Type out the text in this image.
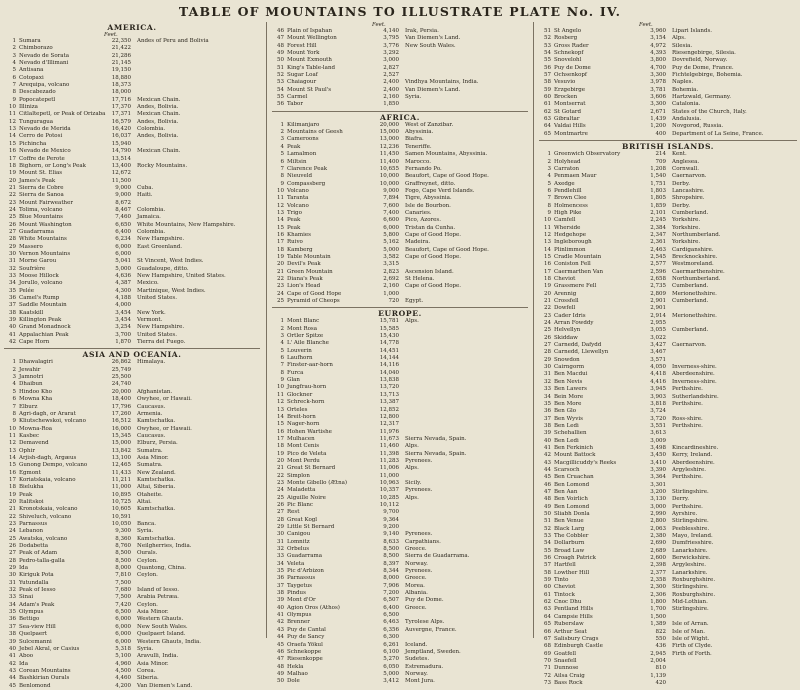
TABLE OF MOUNTAINS TO ILLUSTRATE PLATE No. IV.
AMERICA.
Feet.
1 Sumara	22,350	Andes of Peru and Bolivia
2 Chimborazo	21,422
3 Nevado de Sorata	21,286
4 Nevado d'Illimani	21,145
5 Antisana	19,150
6 Cotopaxi	18,880
7 Arequipa, volcano	18,373
8 Descabezado	18,000
9 Popocatepetl	17,716	Mexican Chain.
10 Illiniza	17,370	Andes, Bolivia.
11 Citlaltepetl, or Peak of Orizaba	17,371	Mexican Chain.
12 Tunguragua	16,579	Andes, Bolivia.
13 Nevado de Merida	16,420	Colombia.
14 Cerro de Potosi	16,037	Andes, Bolivia.
15 Pichincha	15,940
16 Nevado de Mexico	14,790	Mexican Chain.
17 Coffre de Perote	13,514
18 Bighorn, or Long's Peak	13,400	Rocky Mountains.
19 Mount St. Elias	12,672
20 James's Peak	11,500
21 Sierra de Cobre	9,000	Cuba.
22 Sierra de Sanoa	9,000	Haiti.
23 Mount Fairweather	8,672
24 Tolima, volcano	8,467	Colombia.
25 Blue Mountains	7,460	Jamaica.
26 Mount Washington	6,650	White Mountains, New Hampshire.
27 Guadarrama	6,400	Colombia.
28 White Mountains	6,234	New Hampshire.
29 Massero	6,000	East Greenland.
30 Vernon Mountains	6,000
31 Morne Garou	5,041	St Vincent, West Indies.
32 Soufrière	5,000	Guadaloupe, ditto.
33 Moose Hillock	4,636	New Hampshire, United States.
34 Jorullo, volcano	4,387	Mexico.
35 Pelée	4,300	Martinique, West Indies.
36 Camel's Rump	4,188	United States.
37 Saddle Mountain	4,000
38 Kaatskill	3,454	New York.
39 Killington Peak	3,454	Vermont.
40 Grand Monadnock	3,254	New Hampshire.
41 Appalachian Peak	3,700	United States.
42 Cape Horn	1,870	Tierra del Fuego.
ASIA AND OCEANIA.
1 Dhawalagiri	26,862	Himalaya.
2 Jewahir	25,749
3 Jamnotri	25,500
4 Dhaibun	24,740
5 Hindoo Kho	20,000	Afghanistan.
6 Mowna Kha	18,400	Owyhee, or Hawaii.
7 Elburz	17,796	Caucasus.
8 Agri-dagh, or Ararat	17,260	Armenia.
9 Kliutschewskoi, volcano	16,512	Kamtschatka.
10 Mowna-Roa	16,000	Owyhee, or Hawaii.
11 Kasbec	15,345	Caucasus.
12 Demavend	15,000	Elburz, Persia.
13 Ophir	13,842	Sumatra.
14 Arjish-dagh, Argæus	13,100	Asia Minor.
15 Gunong Dempo, volcano	12,465	Sumatra.
16 Egmont	11,433	New Zealand.
17 Koriatskaia, volcano	11,211	Kamtschatka.
18 Bielukha	11,000	Altai, Siberia.
19 Peak	10,895	Otaheite.
20 Italitskoi	10,725	Altai.
21 Kronotskaia, volcano	10,605	Kamtschatka.
22 Shiveluch, volcano	10,591
23 Parnassus	10,050	Banca.
24 Lebanon	9,300	Syria.
25 Awatska, volcano	8,360	Kamtschatka.
26 Dodabetta	8,760	Neilgherries, India.
27 Peak of Adam	8,500	Ourals.
28 Pedro-talla-galla	8,500	Ceylon.
29 Ida	8,000	Quantong, China.
30 Kiriguk Pota	7,810	Ceylon.
31 Yutundalla	7,500
32 Peak of Iesso	7,680	Island of Iesso.
33 Sinai	7,500	Arabia Petræa.
34 Adam's Peak	7,420	Ceylon.
35 Olympus	6,500	Asia Minor.
36 Bettigo	6,000	Western Ghauts.
37 Sea-view Hill	6,000	New South Wales.
38 Quelpaert	6,000	Quelpaert Island.
39 Sulcemanni	6,000	Western Ghauts, India.
40 Jebel Akral, or Casius	5,318	Syria.
41 Aboo	5,100	Aravulli, India.
42 Ida	4,960	Asia Minor.
43 Corean Mountains	4,500	Corea.
44 Bashkirian Ourals	4,460	Siberia.
45 Benlomond	4,200	Van Diemen's Land.
Feet.
46 Plain of Ispahan	4,140	Irak, Persia.
47 Mount Wellington	3,795	Van Diemen's Land.
48 Forest Hill	3,776	New South Wales.
49 Mount York	3,292
50 Mount Exmouth	3,000
51 King's Table-land	2,827
52 Sugar Loaf	2,527
53 Chaiagour	2,400	Vindhya Mountains, India.
54 Mount St Paul's	2,400	Van Diemen's Land.
55 Carmel	2,160	Syria.
56 Tabor	1,850
AFRICA.
1 Kilimanjaro	20,000	West of Zanzibar.
2 Mountains of Geesh	15,000	Abyssinia.
3 Cameroons	13,000	Biafra.
4 Peak	12,236	Teneriffe.
5 Lamalmon	11,450	Samen Mountains, Abyssinia.
6 Miltsin	11,400	Marocco.
7 Clarence Peak	10,655	Fernando Po.
8 Nieuveld	10,000	Beaufort, Cape of Good Hope.
9 Compassberg	10,000	Graffreynet, ditto.
10 Volcano	9,000	Fogo, Cape Verd Islands.
11 Taranta	7,894	Tigre, Abyssinia.
12 Volcano	7,600	Isle de Bourbon.
13 Trigo	7,400	Canaries.
14 Peak	6,600	Pico, Azores.
15 Peak	6,000	Tristan da Cunha.
16 Khamies	5,800	Cape of Good Hope.
17 Ruivo	5,162	Madeira.
18 Kamberg	5,000	Beaufort, Cape of Good Hope.
19 Table Mountain	3,582	Cape of Good Hope.
20 Devil's Peak	3,315
21 Green Mountain	2,823	Ascension Island.
22 Diana's Peak	2,692	St Helena.
23 Lion's Head	2,160	Cape of Good Hope.
24 Cape of Good Hope	1,000
25 Pyramid of Cheops	720	Egypt.
EUROPE.
1 Mont Blanc	15,781	Alps.
2 Mont Rosa	15,585
3 Ortler Spitze	15,430
4 L' Aile Blanche	14,778
5 Louverin	14,451
6 Laufhorn	14,144
7 Finster-aar-horn	14,116
8 Furca	14,040
9 Glan	13,838
10 Jungfrau-horn	13,720
11 Glockner	13,713
12 Schreck-horn	13,387
13 Orteles	12,852
14 Breit-horn	12,800
15 Nager-horn	12,317
16 Hohen Wartishe	11,976
17 Mulhacen	11,673	Sierra Nevada, Spain.
18 Mont Cenis	11,460	Alps.
19 Pico de Veleta	11,398	Sierra Nevada, Spain.
20 Mont Perdu	11,283	Pyrenees.
21 Great St Bernard	11,006	Alps.
22 Simplon	11,000
23 Monte Gibello (Ætna)	10,963	Sicily.
24 Maladetta	10,357	Pyrenees.
25 Aiguille Noire	10,285	Alps.
26 Pic Blanc	10,112
27 Rest	9,700
28 Great Kogl	9,364
29 Little St Bernard	9,200
30 Canigou	9,140	Pyrenees.
31 Lomnitz	8,633	Carpathians.
32 Orbelus	8,500	Greece.
33 Guadarrama	8,500	Sierra de Guadarrama.
34 Veleta	8,397	Norway.
35 Pic d'Arbizon	8,344	Pyrenees.
36 Parnassus	8,000	Greece.
37 Taygetus	7,906	Morea.
38 Pindus	7,200	Albania.
39 Mont d'Or	6,507	Puy de Dome.
40 Agion Oros (Athos)	6,400	Greece.
41 Olympus	6,500
42 Brenner	6,463	Tyrolese Alps.
43 Puy de Cantal	6,356	Auvergne, France.
44 Puy de Sancy	6,300
45 Oraefa Yökul	6,261	Iceland.
46 Schnekoppe	6,100	Jemptland, Sweden.
47 Riesenkoppe	5,270	Sudetes.
48 Hekla	6,050	Estremadura.
49 Malhao	5,000	Norway.
50 Dole	3,412	Mont Jura.
Feet.
51 St Angelo	3,960	Lipari Islands.
52 Rosberg	3,154	Alps.
53 Gross Rader	4,972	Silesia.
54 Schnekopf	4,393	Riesengebirge, Silesia.
55 Snovelohl	3,800	Dovrefield, Norway.
56 Puy de Dome	4,700	Puy de Dome, France.
57 Ochsenkopf	3,300	Fichtelgebirge, Bohemia.
58 Vesuvio	3,978	Naples.
59 Erzgebirge	3,781	Bohemia.
60 Brocken	3,606	Hartzwald, Germany.
61 Montserrat	3,300	Catalonia.
62 St Gotard	2,671	States of the Church, Italy.
63 Gibraltar	1,439	Andalusia.
64 Valdai Hills	1,200	Novgorod, Russia.
65 Montmartre	400	Department of La Seine, France.
BRITISH ISLANDS.
1 Greenwich Observatory	214	Kent.
2 Holyhead	709	Anglesea.
3 Carraton	1,208	Cornwall.
4 Penmaen Maur	1,540	Caernarvon.
5 Axedge	1,751	Derby.
6 Pendlehill	1,803	Lancashire.
7 Brown Clee	1,805	Shropshire.
8 Holmencess	1,859	Derby.
9 High Pike	2,101	Cumberland.
10 Camfell	2,245	Yorkshire.
11 Wherside	2,384	Yorkshire.
12 Hedgehope	2,347	Northumberland.
13 Ingleborough	2,361	Yorkshire.
14 Plinlimmon	2,463	Cardiganshire.
15 Cradle Mountain	2,545	Brecknockshire.
16 Coniston Fell	2,577	Westmoreland.
17 Caermarthen Van	2,596	Caermarthenshire.
18 Cheviot	2,658	Northumberland.
19 Grassmere Fell	2,735	Cumberland.
20 Arennig	2,809	Merionethshire.
21 Crossfell	2,901	Cumberland.
22 Dowfell	2,901
23 Cader Idris	2,914	Merionethshire.
24 Arran Fowddy	2,955
25 Helvellyn	3,055	Cumberland.
26 Skiddaw	3,022
27 Carnedd, Dafydd	3,427	Caernarvon.
28 Carnedd, Llewellyn	3,467
29 Snowdon	3,571
30 Cairngorm	4,050	Inverness-shire.
31 Ben Macdui	4,418	Aberdeenshire.
32 Ben Nevis	4,416	Inverness-shire.
33 Ben Lawers	3,945	Perthshire.
34 Bein More	3,903	Sutherlandshire.
35 Ben More	3,818	Perthshire.
36 Ben Glo	3,724
37 Ben Wyvis	3,720	Ross-shire.
38 Ben Ledi	3,551	Perthshire.
39 Schehallien	3,613
40 Ben Ledi	3,009
41 Ben Ferkinich	3,498	Kincardineshire.
42 Mount Battock	3,450	Kerry, Ireland.
43 Macgillicuddy's Reeks	3,410	Aberdeenshire.
44 Scarsoch	3,390	Argyleshire.
45 Ben Cruachan	3,364	Perthshire.
46 Ben Lomond	3,301
47 Ben Aan	3,200	Stirlingshire.
48 Ben Voirlich	3,130	Derry.
49 Ben Lomond	3,000	Perthshire.
50 Sliabh Donla	2,990	Ayrshire.
51 Ben Venue	2,800	Stirlingshire.
52 Black Larg	2,063	Peeblesshire.
53 The Cobbler	2,380	Mayo, Ireland.
54 Dollarburn	2,690	Dumfriesshire.
55 Broad Law	2,689	Lanarkshire.
56 Croagh Patrick	2,600	Berwickshire.
57 Hartfell	2,398	Argyleshire.
58 Lowther Hill	2,377	Lanarkshire.
59 Tinto	2,358	Roxburghshire.
60 Cheviot	2,300	Stirlingshire.
61 Tintock	2,306	Roxburghshire.
62 Cnoc Dhu	1,800	Mid-Lothian.
63 Pentland Hills	1,700	Stirlingshire.
64 Campsie Hills	1,500
65 Ruberslaw	1,389	Isle of Arran.
66 Arthur Seat	822	Isle of Man.
67 Salisbury Crags	550	Isle of Wight.
68 Edinburgh Castle	436	Firth of Clyde.
69 Goatfell	2,945	Firth of Forth.
70 Snaefell	2,004
71 Dunnose	810
72 Ailsa Craig	1,139
73 Bass Rock	420
